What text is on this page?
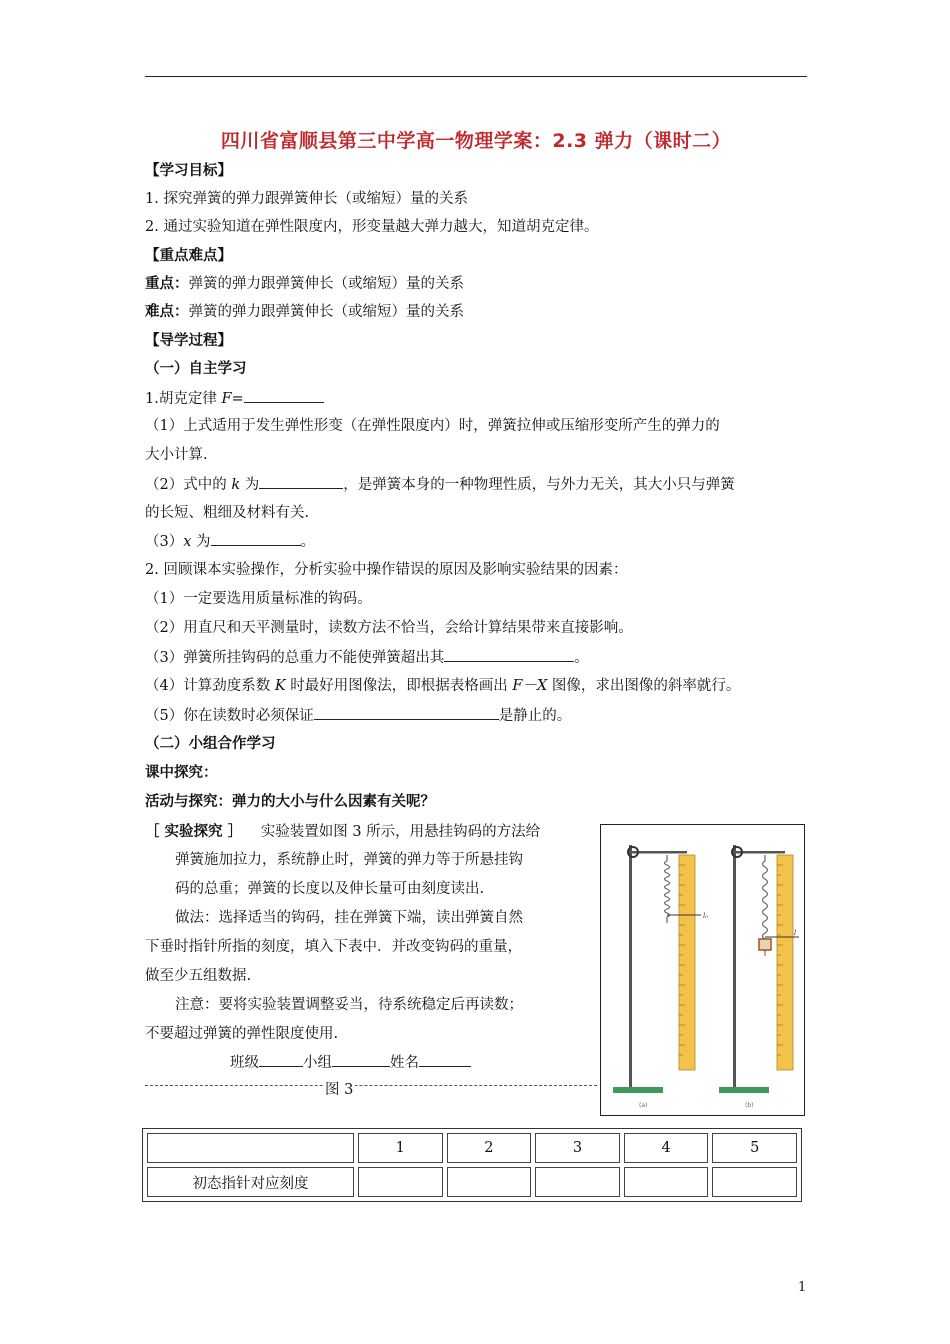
四川省富顺县第三中学高一物理学案：2.3 弹力（课时二）
【学习目标】
1. 探究弹簧的弹力跟弹簧伸长（或缩短）量的关系
2. 通过实验知道在弹性限度内，形变量越大弹力越大，知道胡克定律。
【重点难点】
重点：弹簧的弹力跟弹簧伸长（或缩短）量的关系
难点：弹簧的弹力跟弹簧伸长（或缩短）量的关系
【导学过程】
（一）自主学习
1.胡克定律 F=
（1）上式适用于发生弹性形变（在弹性限度内）时，弹簧拉伸或压缩形变所产生的弹力的
大小计算.
（2）式中的 k 为	，是弹簧本身的一种物理性质，与外力无关，其大小只与弹簧
的长短、粗细及材料有关.
（3）x 为	。
2. 回顾课本实验操作，分析实验中操作错误的原因及影响实验结果的因素：
（1）一定要选用质量标准的钩码。
（2）用直尺和天平测量时，读数方法不恰当，会给计算结果带来直接影响。
（3）弹簧所挂钩码的总重力不能使弹簧超出其	。
（4）计算劲度系数 K 时最好用图像法，即根据表格画出 F－X 图像，求出图像的斜率就行。
（5）你在读数时必须保证	是静止的。
（二）小组合作学习
课中探究：
活动与探究：弹力的大小与什么因素有关呢？
［ 实验探究 ］ 实验装置如图 3 所示，用悬挂钩码的方法给
弹簧施加拉力，系统静止时，弹簧的弹力等于所悬挂钩
码的总重；弹簧的长度以及伸长量可由刻度读出.
做法：选择适当的钩码，挂在弹簧下端，读出弹簧自然
下垂时指针所指的刻度，填入下表中．并改变钩码的重量，
做至少五组数据.
注意：要将实验装置调整妥当，待系统稳定后再读数；
不要超过弹簧的弹性限度使用.
班级	小组	姓名
图 3
l₀
(a)
l
(b)
	1	2	3	4	5
初态指针对应刻度					
1
